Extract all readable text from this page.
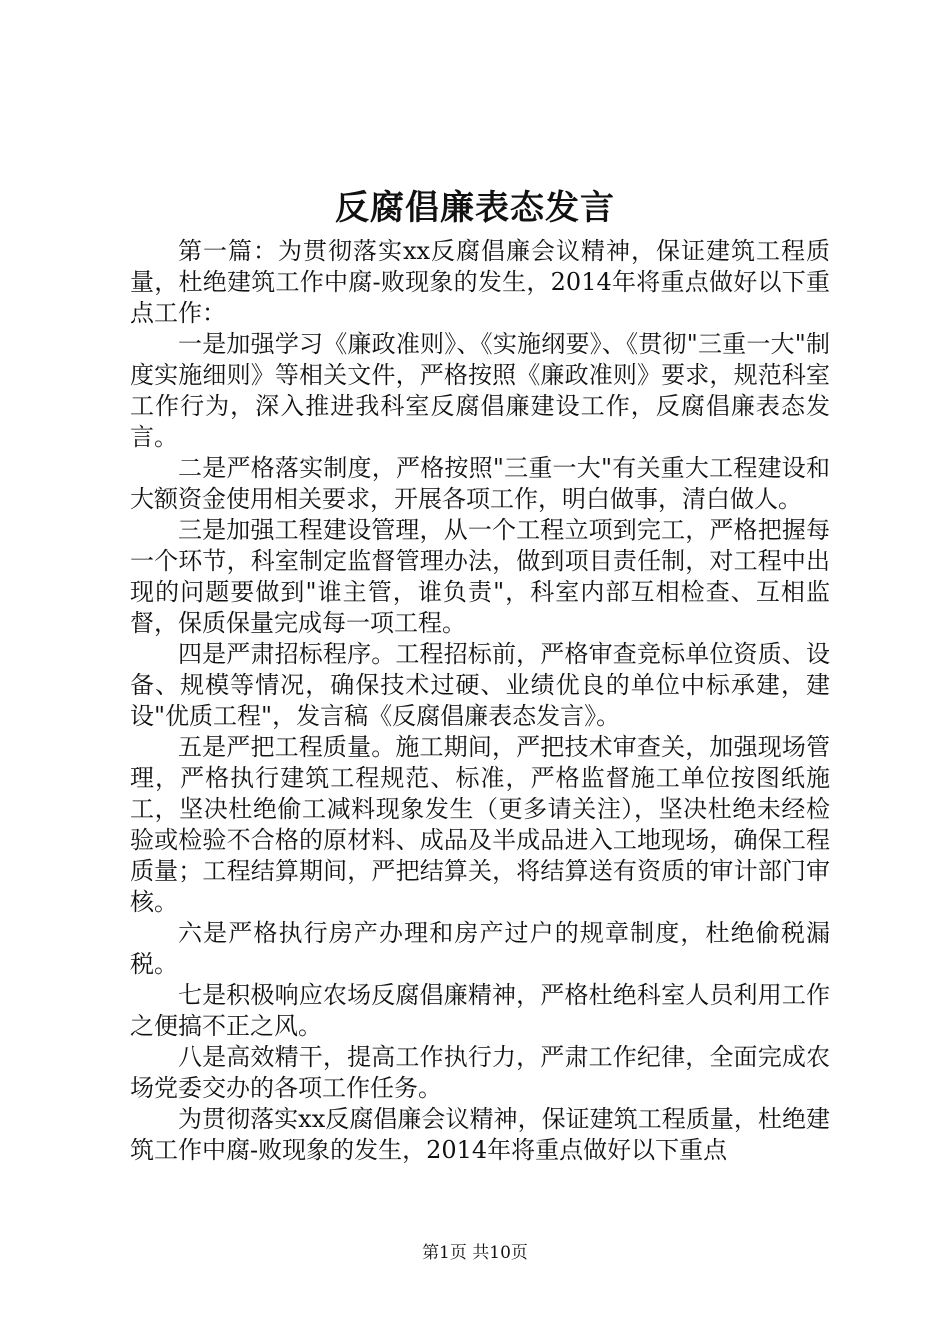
反腐倡廉表态发言

第一篇：为贯彻落实xx反腐倡廉会议精神，保证建筑工程质量，杜绝建筑工作中腐-败现象的发生，2014年将重点做好以下重点工作：

一是加强学习《廉政准则》、《实施纲要》、《贯彻"三重一大"制度实施细则》等相关文件，严格按照《廉政准则》要求，规范科室工作行为，深入推进我科室反腐倡廉建设工作，反腐倡廉表态发言。

二是严格落实制度，严格按照"三重一大"有关重大工程建设和大额资金使用相关要求，开展各项工作，明白做事，清白做人。

三是加强工程建设管理，从一个工程立项到完工，严格把握每一个环节，科室制定监督管理办法，做到项目责任制，对工程中出现的问题要做到"谁主管，谁负责"，科室内部互相检查、互相监督，保质保量完成每一项工程。

四是严肃招标程序。工程招标前，严格审查竞标单位资质、设备、规模等情况，确保技术过硬、业绩优良的单位中标承建，建设"优质工程"，发言稿《反腐倡廉表态发言》。

五是严把工程质量。施工期间，严把技术审查关，加强现场管理，严格执行建筑工程规范、标准，严格监督施工单位按图纸施工，坚决杜绝偷工减料现象发生（更多请关注），坚决杜绝未经检验或检验不合格的原材料、成品及半成品进入工地现场，确保工程质量；工程结算期间，严把结算关，将结算送有资质的审计部门审核。

六是严格执行房产办理和房产过户的规章制度，杜绝偷税漏税。

七是积极响应农场反腐倡廉精神，严格杜绝科室人员利用工作之便搞不正之风。

八是高效精干，提高工作执行力，严肃工作纪律，全面完成农场党委交办的各项工作任务。

为贯彻落实xx反腐倡廉会议精神，保证建筑工程质量，杜绝建筑工作中腐-败现象的发生，2014年将重点做好以下重点

第1页 共10页
